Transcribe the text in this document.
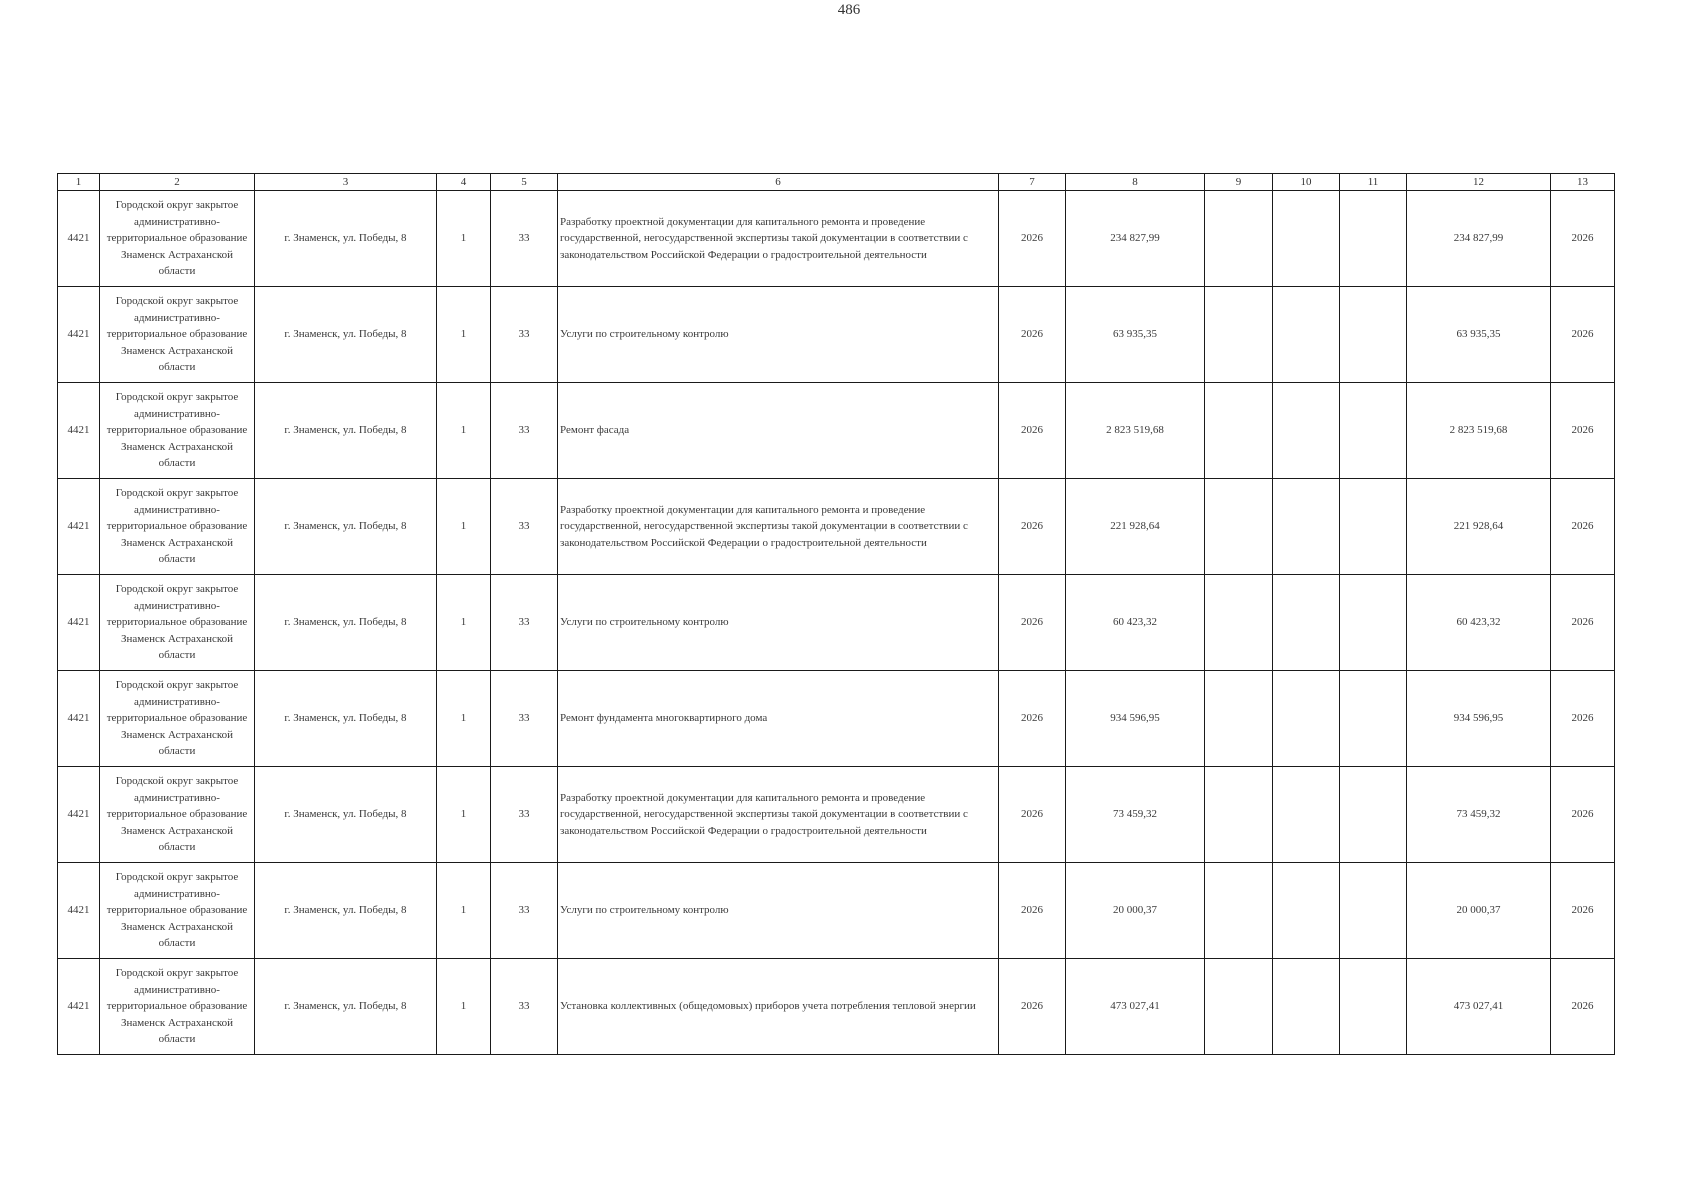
486
1	2	3	4	5	6	7	8	9	10	11	12	13
4421	Городской округ закрытое административно-территориальное образование Знаменск Астраханской области	г. Знаменск, ул. Победы, 8	1	33	Разработку проектной документации для капитального ремонта и проведение государственной, негосударственной экспертизы такой документации в соответствии с законодательством Российской Федерации о градостроительной деятельности	2026	234 827,99				234 827,99	2026
4421	Городской округ закрытое административно-территориальное образование Знаменск Астраханской области	г. Знаменск, ул. Победы, 8	1	33	Услуги по строительному контролю	2026	63 935,35				63 935,35	2026
4421	Городской округ закрытое административно-территориальное образование Знаменск Астраханской области	г. Знаменск, ул. Победы, 8	1	33	Ремонт фасада	2026	2 823 519,68				2 823 519,68	2026
4421	Городской округ закрытое административно-территориальное образование Знаменск Астраханской области	г. Знаменск, ул. Победы, 8	1	33	Разработку проектной документации для капитального ремонта и проведение государственной, негосударственной экспертизы такой документации в соответствии с законодательством Российской Федерации о градостроительной деятельности	2026	221 928,64				221 928,64	2026
4421	Городской округ закрытое административно-территориальное образование Знаменск Астраханской области	г. Знаменск, ул. Победы, 8	1	33	Услуги по строительному контролю	2026	60 423,32				60 423,32	2026
4421	Городской округ закрытое административно-территориальное образование Знаменск Астраханской области	г. Знаменск, ул. Победы, 8	1	33	Ремонт фундамента многоквартирного дома	2026	934 596,95				934 596,95	2026
4421	Городской округ закрытое административно-территориальное образование Знаменск Астраханской области	г. Знаменск, ул. Победы, 8	1	33	Разработку проектной документации для капитального ремонта и проведение государственной, негосударственной экспертизы такой документации в соответствии с законодательством Российской Федерации о градостроительной деятельности	2026	73 459,32				73 459,32	2026
4421	Городской округ закрытое административно-территориальное образование Знаменск Астраханской области	г. Знаменск, ул. Победы, 8	1	33	Услуги по строительному контролю	2026	20 000,37				20 000,37	2026
4421	Городской округ закрытое административно-территориальное образование Знаменск Астраханской области	г. Знаменск, ул. Победы, 8	1	33	Установка коллективных (общедомовых) приборов учета потребления тепловой энергии	2026	473 027,41				473 027,41	2026
